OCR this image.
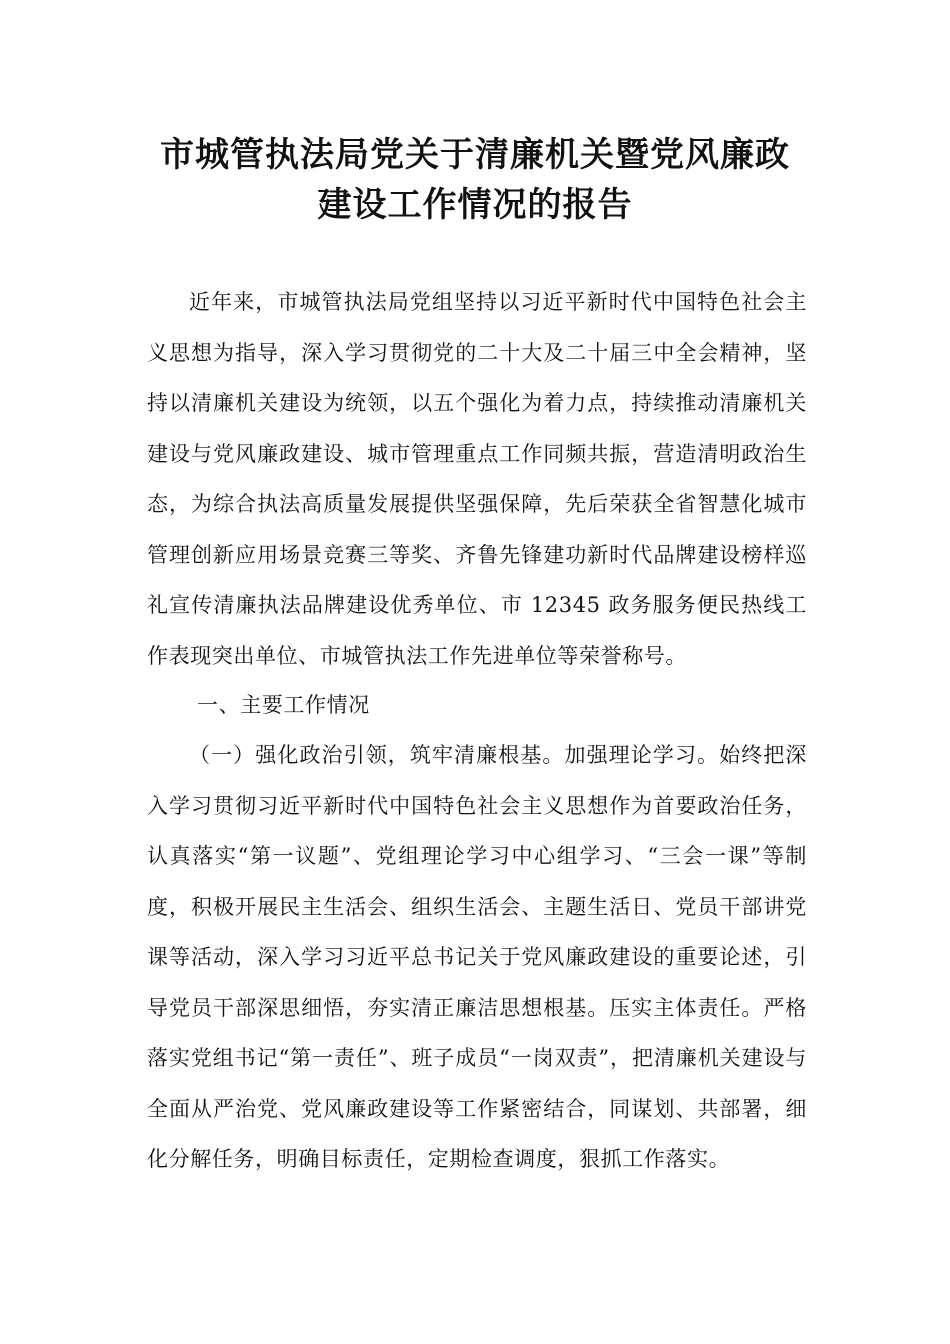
市城管执法局党关于清廉机关暨党风廉政
建设工作情况的报告

近年来，市城管执法局党组坚持以习近平新时代中国特色社会主义思想为指导，深入学习贯彻党的二十大及二十届三中全会精神，坚持以清廉机关建设为统领，以五个强化为着力点，持续推动清廉机关建设与党风廉政建设、城市管理重点工作同频共振，营造清明政治生态，为综合执法高质量发展提供坚强保障，先后荣获全省智慧化城市管理创新应用场景竞赛三等奖、齐鲁先锋建功新时代品牌建设榜样巡礼宣传清廉执法品牌建设优秀单位、市 12345 政务服务便民热线工作表现突出单位、市城管执法工作先进单位等荣誉称号。

一、主要工作情况

（一）强化政治引领，筑牢清廉根基。加强理论学习。始终把深入学习贯彻习近平新时代中国特色社会主义思想作为首要政治任务，认真落实“第一议题”、党组理论学习中心组学习、“三会一课”等制度，积极开展民主生活会、组织生活会、主题生活日、党员干部讲党课等活动，深入学习习近平总书记关于党风廉政建设的重要论述，引导党员干部深思细悟，夯实清正廉洁思想根基。压实主体责任。严格落实党组书记“第一责任”、班子成员“一岗双责”，把清廉机关建设与全面从严治党、党风廉政建设等工作紧密结合，同谋划、共部署，细化分解任务，明确目标责任，定期检查调度，狠抓工作落实。
